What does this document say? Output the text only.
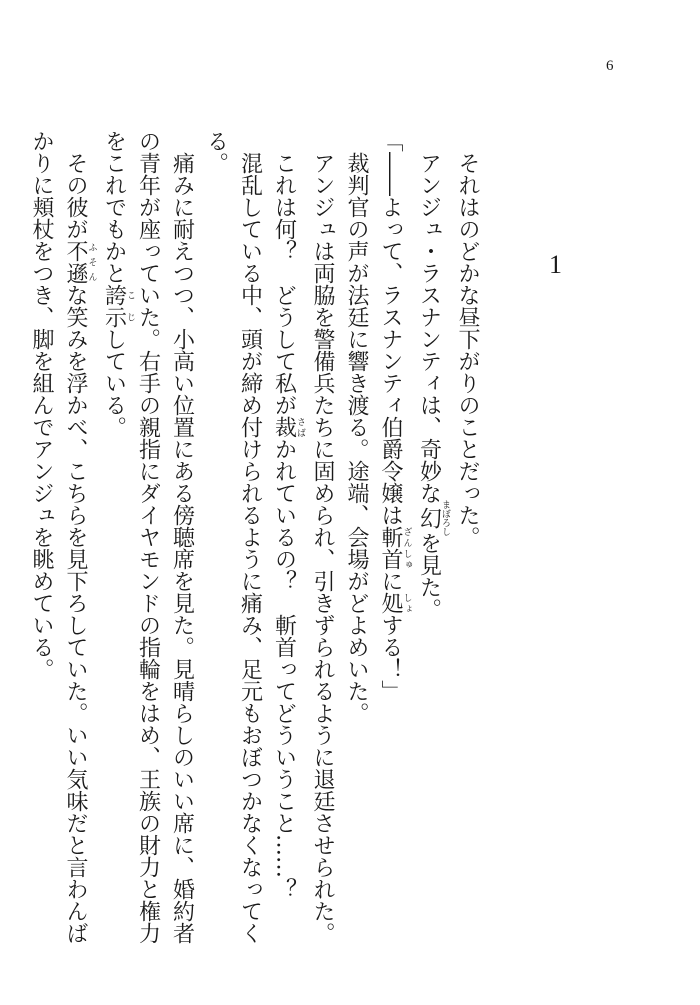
6
1

　それはのどかな昼下がりのことだった。

　アンジュ・ラスナンティは、奇妙な幻まぼろしを見た。

「――よって、ラスナンティ伯爵令嬢は斬首ざんしゅに処しょする！」

　裁判官の声が法廷に響き渡る。途端、会場がどよめいた。

　アンジュは両脇を警備兵たちに固められ、引きずられるように退廷させられた。

　これは何？　どうして私が裁さばかれているの？　斬首ってどういうこと……？

　混乱している中、頭が締め付けられるように痛み、足元もおぼつかなくなってくる。

　痛みに耐えつつ、小高い位置にある傍聴席を見た。見晴らしのいい席に、婚約者の青年が座っていた。右手の親指にダイヤモンドの指輪をはめ、王族の財力と権力をこれでもかと誇示こじしている。

　その彼が不遜ふそんな笑みを浮かべ、こちらを見下ろしていた。いい気味だと言わんばかりに頬杖をつき、脚を組んでアンジュを眺めている。
